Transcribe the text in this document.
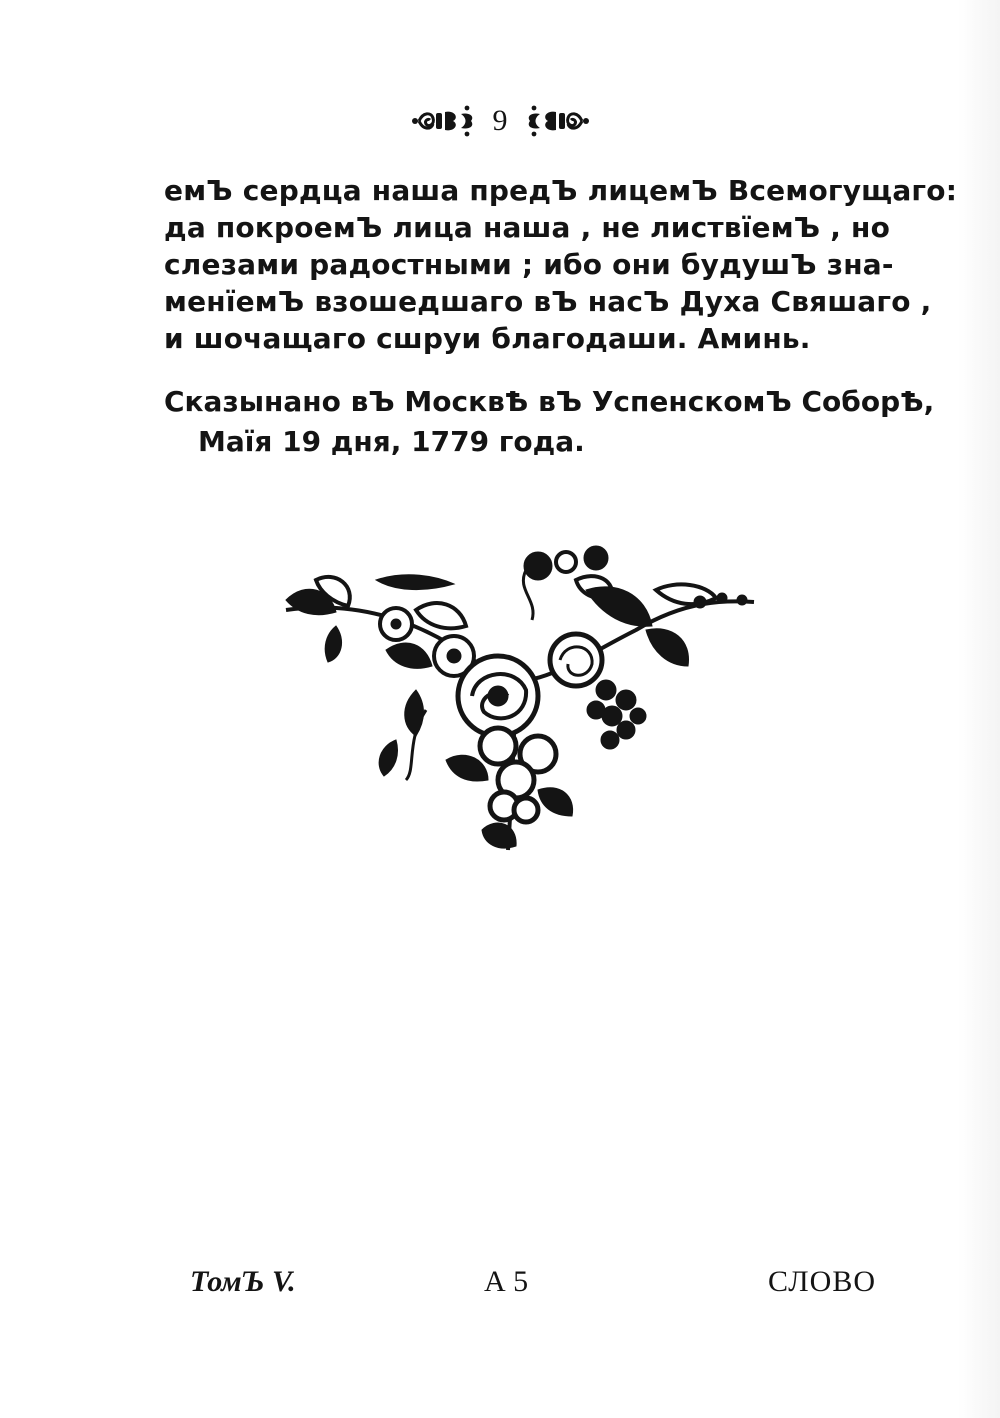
9
емЪ сердца наша предЪ лицемЪ Всемогущаго:
да покроемЪ лица наша , не листвїемЪ , но
слезами радостными ; ибо они будушЪ зна-
менїемЪ взошедшаго вЪ насЪ Духа Свяшаго ,
и шочащаго сшруи благодаши. Аминь.
Сказынано вЪ МосквѢ вЪ УспенскомЪ СоборѢ,
Маїя 19 дня, 1779 года.
ТомЪ V.	А 5	СЛОВО
